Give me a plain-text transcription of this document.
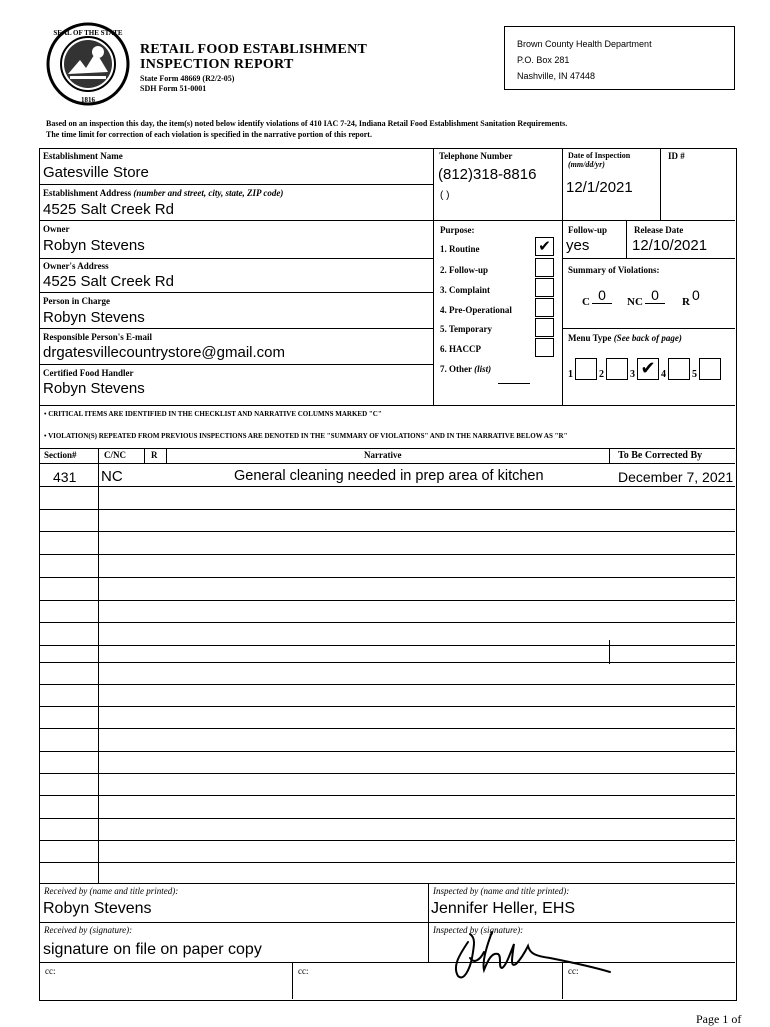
SEAL OF THE STATE
1816
RETAIL FOOD ESTABLISHMENT
INSPECTION REPORT
State Form 48669 (R2/2-05)
SDH Form 51-0001
Brown County Health Department
P.O. Box 281
Nashville, IN 47448
Based on an inspection this day, the item(s) noted below identify violations of 410 IAC 7-24, Indiana Retail Food Establishment Sanitation Requirements.
The time limit for correction of each violation is specified in the narrative portion of this report.
Establishment Name
Gatesville Store
Establishment Address (number and street, city, state, ZIP code)
4525 Salt Creek Rd
Owner
Robyn Stevens
Owner's Address
4525 Salt Creek Rd
Person in Charge
Robyn Stevens
Responsible Person's E-mail
drgatesvillecountrystore@gmail.com
Certified Food Handler
Robyn Stevens
Telephone Number
(812)318-8816
( )
Date of Inspection
(mm/dd/yr)
12/1/2021
ID #
Purpose:
1. Routine	✔
2. Follow-up
3. Complaint
4. Pre-Operational
5. Temporary
6. HACCP
7. Other (list)
Follow-up
yes
Release Date
12/10/2021
Summary of Violations:
C 0	NC 0	R 0
Menu Type (See back of page)
1	2	3 ✔ 4	5
• CRITICAL ITEMS ARE IDENTIFIED IN THE CHECKLIST AND NARRATIVE COLUMNS MARKED "C"
• VIOLATION(S) REPEATED FROM PREVIOUS INSPECTIONS ARE DENOTED IN THE "SUMMARY OF VIOLATIONS" AND IN THE NARRATIVE BELOW AS "R"
Section#	C/NC	R	Narrative	To Be Corrected By
431 NC	General cleaning needed in prep area of kitchen	December 7, 2021
Received by (name and title printed):
Robyn Stevens
Inspected by (name and title printed):
Jennifer Heller, EHS
Received by (signature):
signature on file on paper copy
Inspected by (signature):
cc:	cc:	cc:
Page 1 of
